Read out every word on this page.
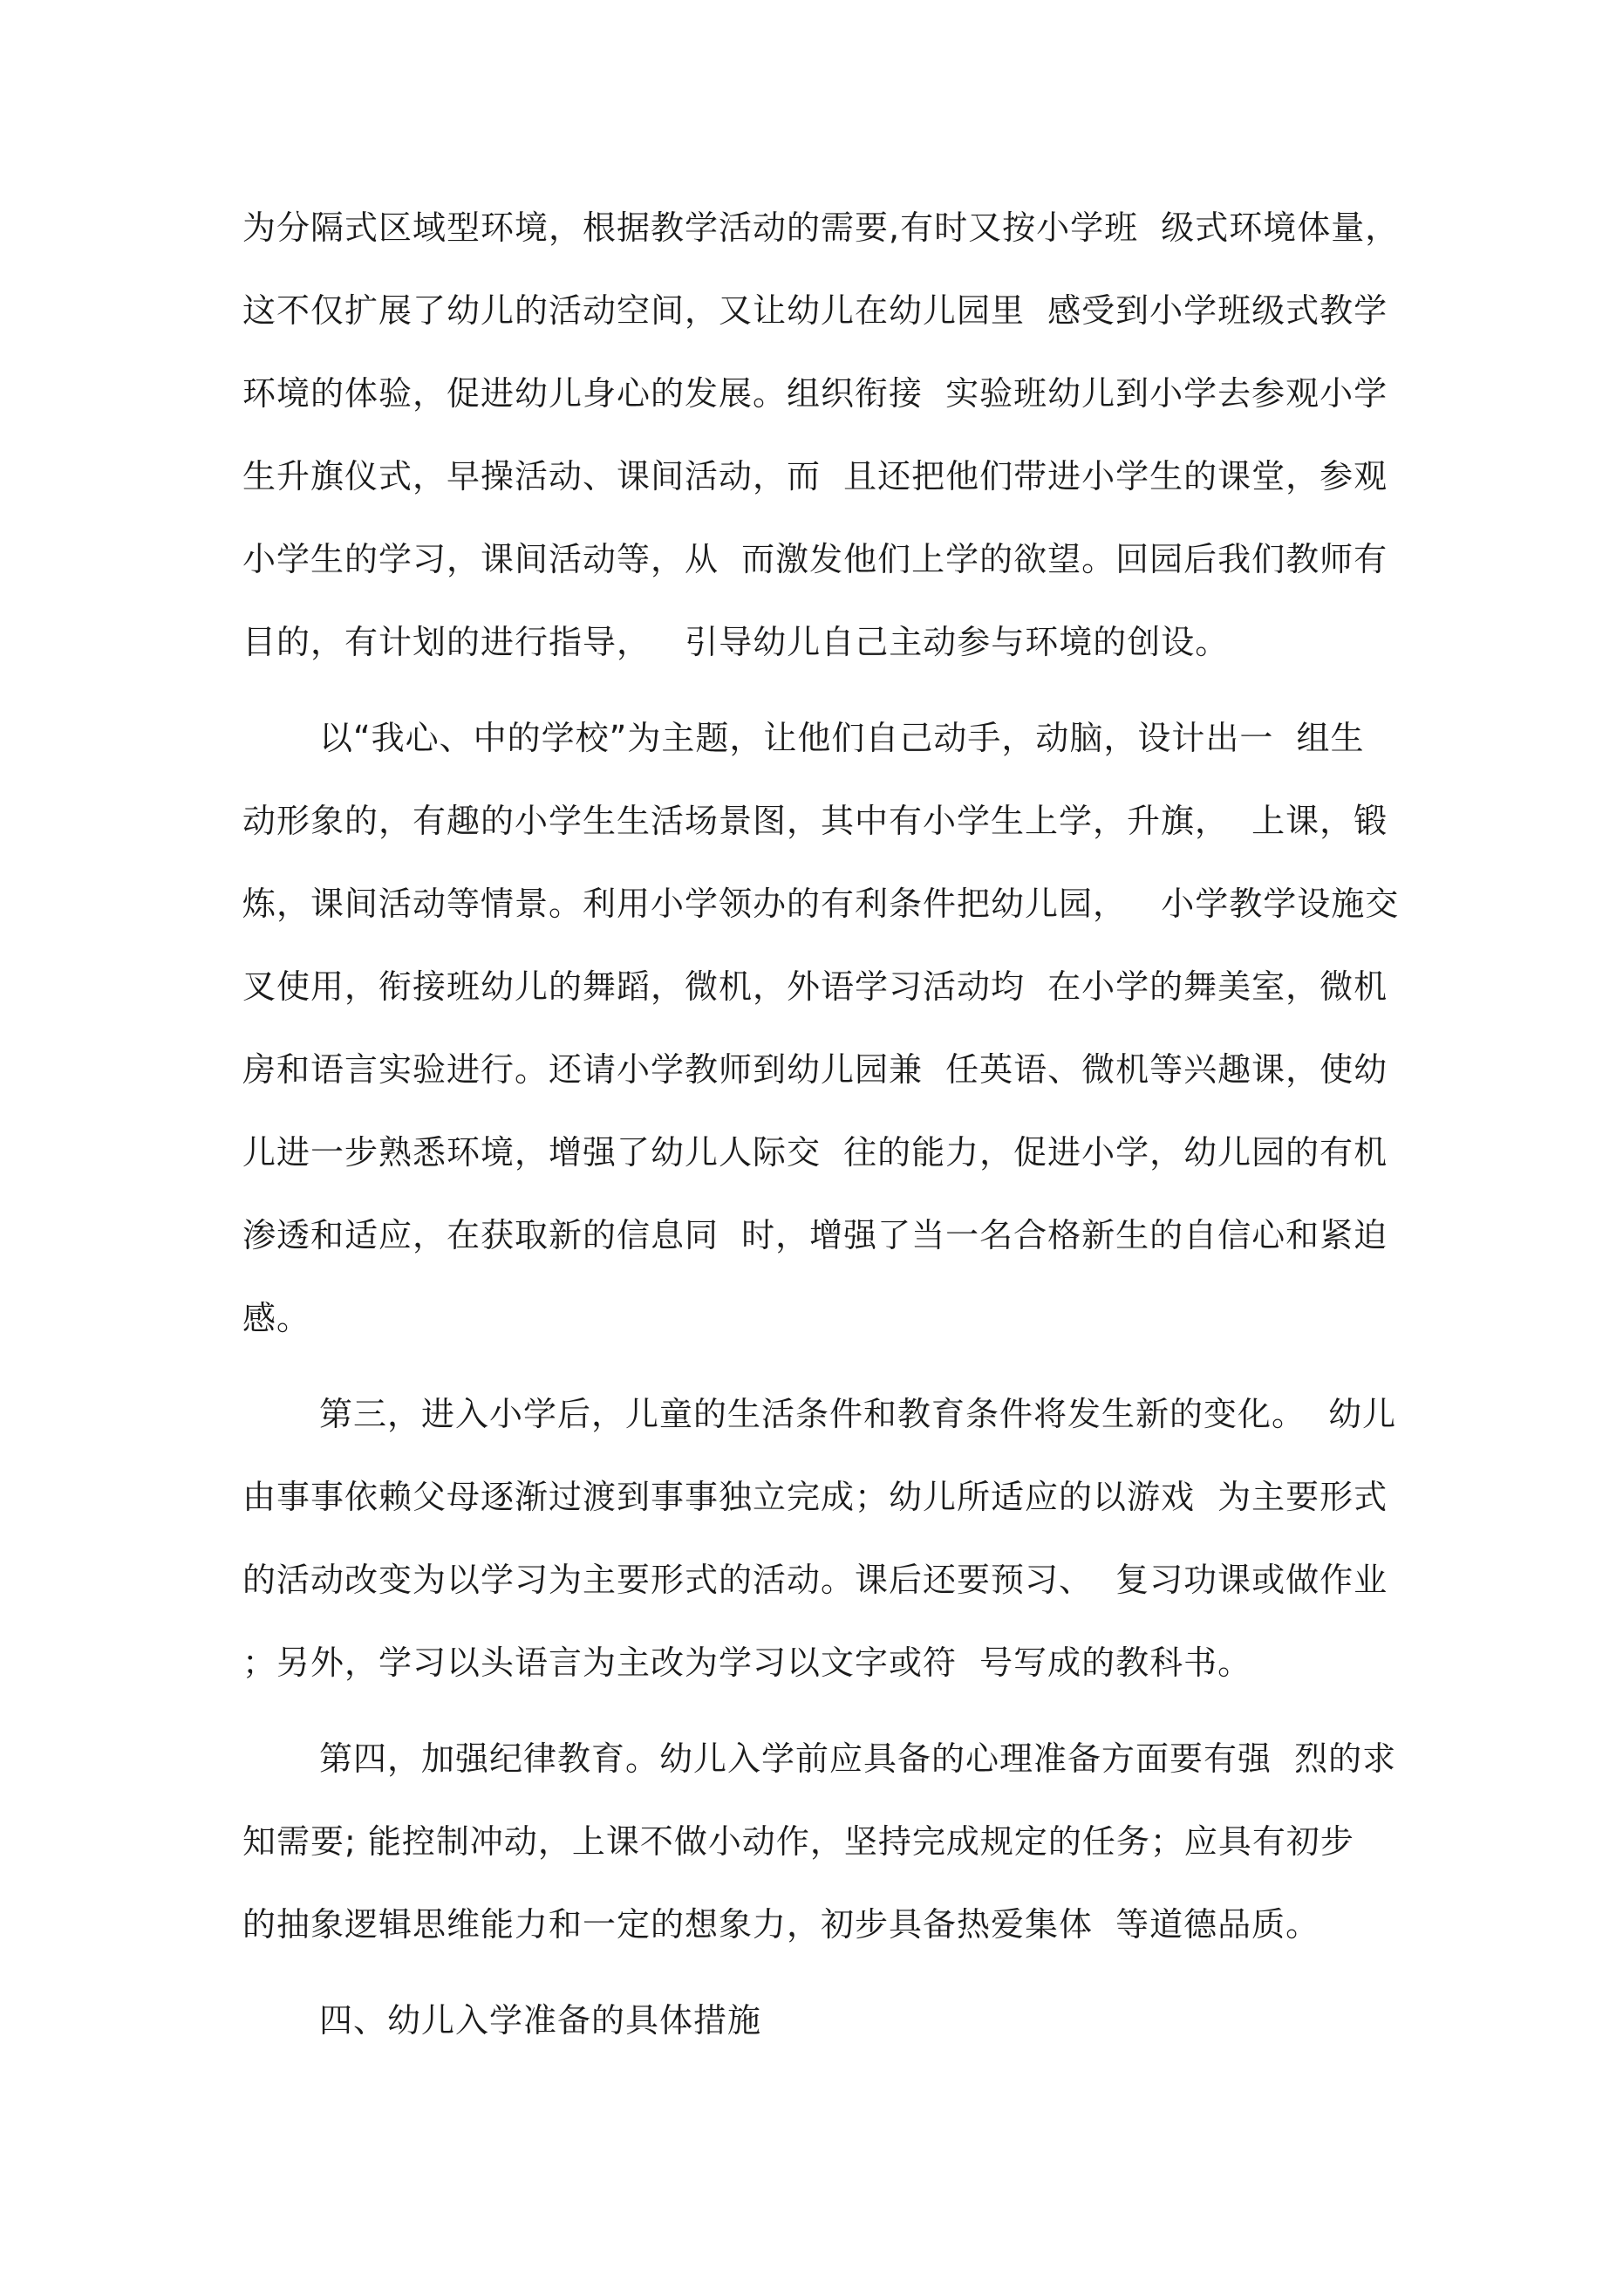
为分隔式区域型环境，根据教学活动的需要,有时又按小学班  级式环境体量，
这不仅扩展了幼儿的活动空间，又让幼儿在幼儿园里  感受到小学班级式教学
环境的体验，促进幼儿身心的发展。组织衔接  实验班幼儿到小学去参观小学
生升旗仪式，早操活动、课间活动，而  且还把他们带进小学生的课堂，参观
小学生的学习，课间活动等，从  而激发他们上学的欲望。回园后我们教师有
目的，有计划的进行指导，   引导幼儿自己主动参与环境的创设。
以“我心、中的学校”为主题，让他们自己动手，动脑，设计出一  组生
动形象的，有趣的小学生生活场景图，其中有小学生上学，升旗，  上课，锻
炼，课间活动等情景。利用小学领办的有利条件把幼儿园，   小学教学设施交
叉使用，衔接班幼儿的舞蹈，微机，外语学习活动均  在小学的舞美室，微机
房和语言实验进行。还请小学教师到幼儿园兼  任英语、微机等兴趣课，使幼
儿进一步熟悉环境，增强了幼儿人际交  往的能力，促进小学，幼儿园的有机
渗透和适应，在获取新的信息同  时，增强了当一名合格新生的自信心和紧迫
感。
第三，进入小学后，儿童的生活条件和教育条件将发生新的变化。  幼儿
由事事依赖父母逐渐过渡到事事独立完成；幼儿所适应的以游戏  为主要形式
的活动改变为以学习为主要形式的活动。课后还要预习、  复习功课或做作业
；另外，学习以头语言为主改为学习以文字或符  号写成的教科书。
第四，加强纪律教育。幼儿入学前应具备的心理准备方面要有强  烈的求
知需要; 能控制冲动，上课不做小动作，坚持完成规定的任务；应具有初步
的抽象逻辑思维能力和一定的想象力，初步具备热爱集体  等道德品质。
四、幼儿入学准备的具体措施
